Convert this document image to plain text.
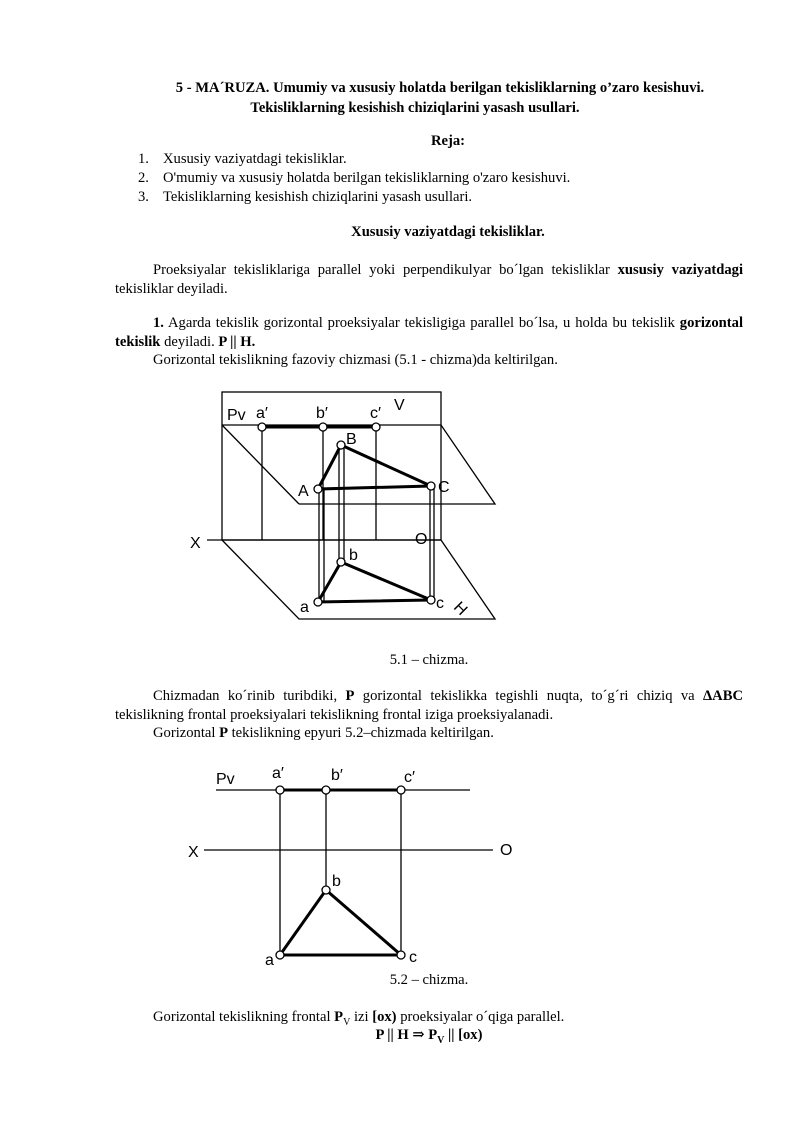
5 - MA´RUZA. Umumiy va xususiy holatda berilgan tekisliklarning o’zaro kesishuvi.
Tekisliklarning kesishish chiziqlarini yasash usullari.
Reja:
1. Xususiy vaziyatdagi tekisliklar.
2. O'mumiy va xususiy holatda berilgan tekisliklarning o'zaro kesishuvi.
3. Tekisliklarning kesishish chiziqlarini yasash usullari.
Xususiy vaziyatdagi tekisliklar.
Proeksiyalar tekisliklariga parallel yoki perpendikulyar bo´lgan tekisliklar xususiy vaziyatdagi tekisliklar deyiladi.
1. Agarda tekislik gorizontal proeksiyalar tekisligiga parallel bo´lsa, u holda bu tekislik gorizontal tekislik deyiladi. P || H.
Gorizontal tekislikning fazoviy chizmasi (5.1 - chizma)da keltirilgan.
Pv a′	b′	c′ V
B
A	C
X	O
b
a	c H
5.1 – chizma.
Chizmadan ko´rinib turibdiki, P gorizontal tekislikka tegishli nuqta, to´g´ri chiziq va ΔABC tekislikning frontal proeksiyalari tekislikning frontal iziga proeksiyalanadi.
Gorizontal P tekislikning epyuri 5.2–chizmada keltirilgan.
Pv a′	b′	c′
X	O
b
a	c
5.2 – chizma.
Gorizontal tekislikning frontal $P_V$ izi [ox) proeksiyalar o´qiga parallel.
P || H ⇒ $P_V$ || [ox)
